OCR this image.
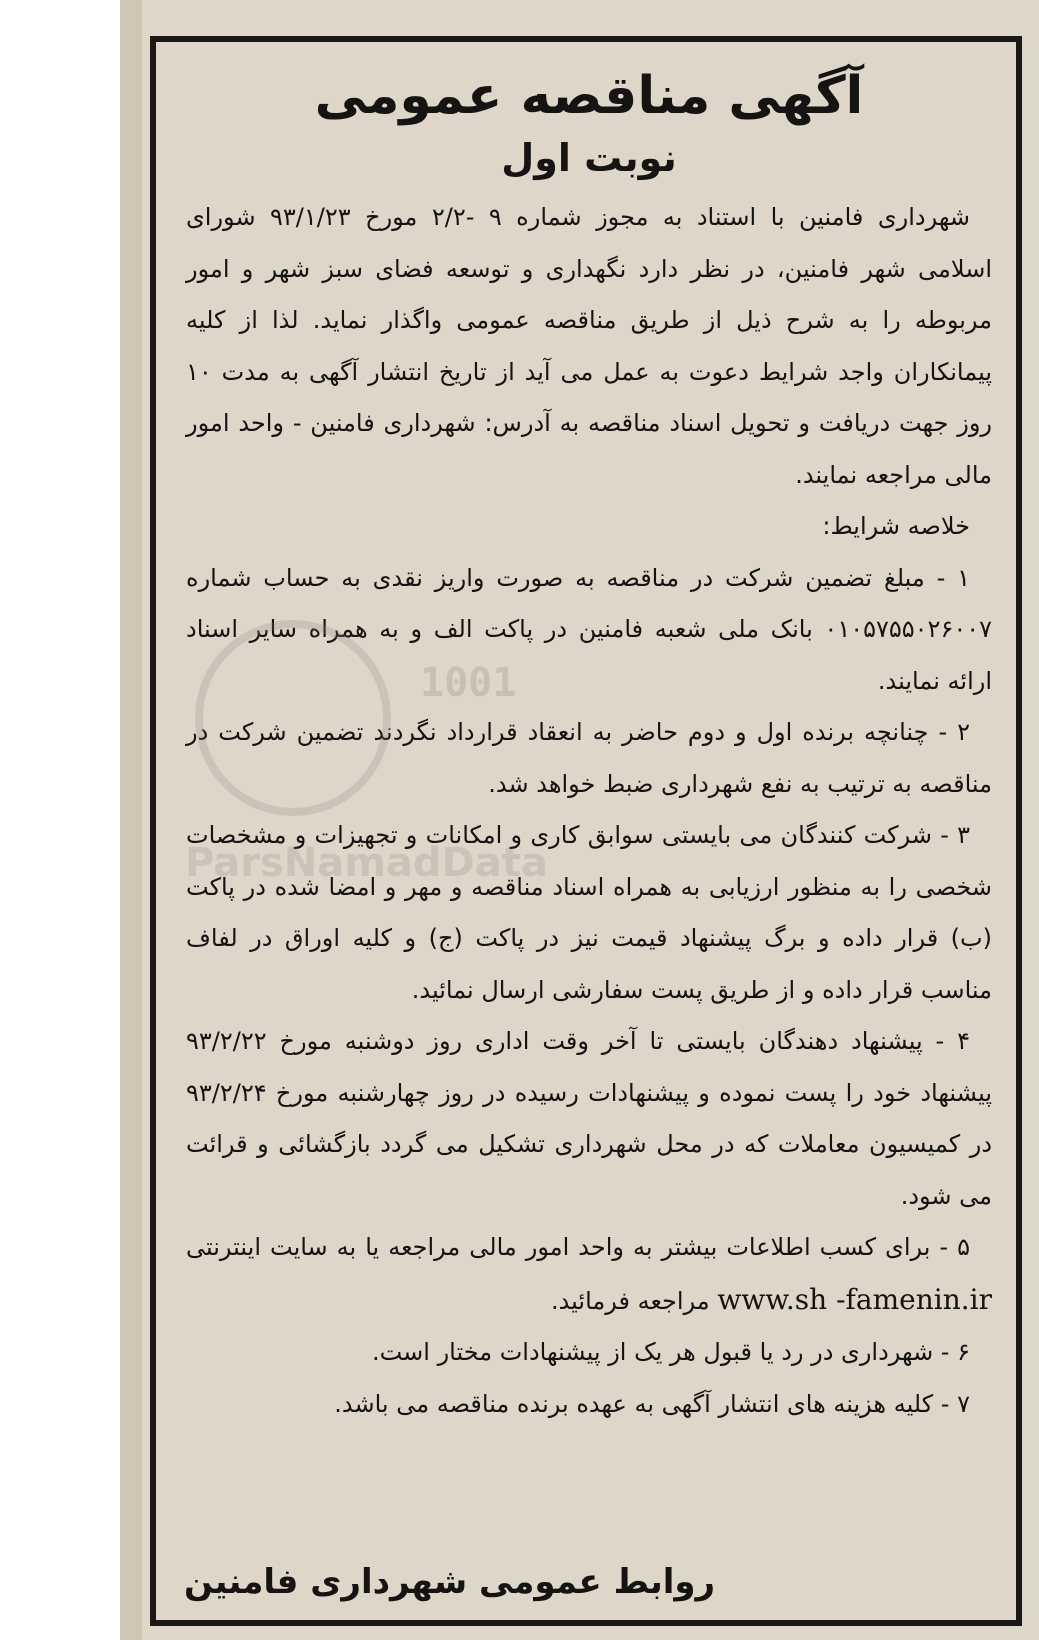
آگهی مناقصه عمومی
نوبت اول

شهرداری فامنین با استناد به مجوز شماره ۹ -۲/۲ مورخ ۹۳/۱/۲۳ شورای اسلامی شهر فامنین، در نظر دارد نگهداری و توسعه فضای سبز شهر و امور مربوطه را به شرح ذیل از طریق مناقصه عمومی واگذار نماید. لذا از کلیه پیمانکاران واجد شرایط دعوت به عمل می آید از تاریخ انتشار آگهی به مدت ۱۰ روز جهت دریافت و تحویل اسناد مناقصه به آدرس: شهرداری فامنین - واحد امور مالی مراجعه نمایند.

خلاصه شرایط:

۱ - مبلغ تضمین شرکت در مناقصه به صورت واریز نقدی به حساب شماره ۰۱۰۵۷۵۵۰۲۶۰۰۷ بانک ملی شعبه فامنین در پاکت الف و به همراه سایر اسناد ارائه نمایند.

۲ - چنانچه برنده اول و دوم حاضر به انعقاد قرارداد نگردند تضمین شرکت در مناقصه به ترتیب به نفع شهرداری ضبط خواهد شد.

۳ - شرکت کنندگان می بایستی سوابق کاری و امکانات و تجهیزات و مشخصات شخصی را به منظور ارزیابی به همراه اسناد مناقصه و مهر و امضا شده در پاکت (ب) قرار داده و برگ پیشنهاد قیمت نیز در پاکت (ج) و کلیه اوراق در لفاف مناسب قرار داده و از طریق پست سفارشی ارسال نمائید.

۴ - پیشنهاد دهندگان بایستی تا آخر وقت اداری روز دوشنبه مورخ ۹۳/۲/۲۲ پیشنهاد خود را پست نموده و پیشنهادات رسیده در روز چهارشنبه مورخ ۹۳/۲/۲۴ در کمیسیون معاملات که در محل شهرداری تشکیل می گردد بازگشائی و قرائت می شود.

۵ - برای کسب اطلاعات بیشتر به واحد امور مالی مراجعه یا به سایت اینترنتی www.sh -famenin.ir مراجعه فرمائید.

۶ - شهرداری در رد یا قبول هر یک از پیشنهادات مختار است.

۷ - کلیه هزینه های انتشار آگهی به عهده برنده مناقصه می باشد.

روابط عمومی شهرداری فامنین
1001
ParsNamadData
